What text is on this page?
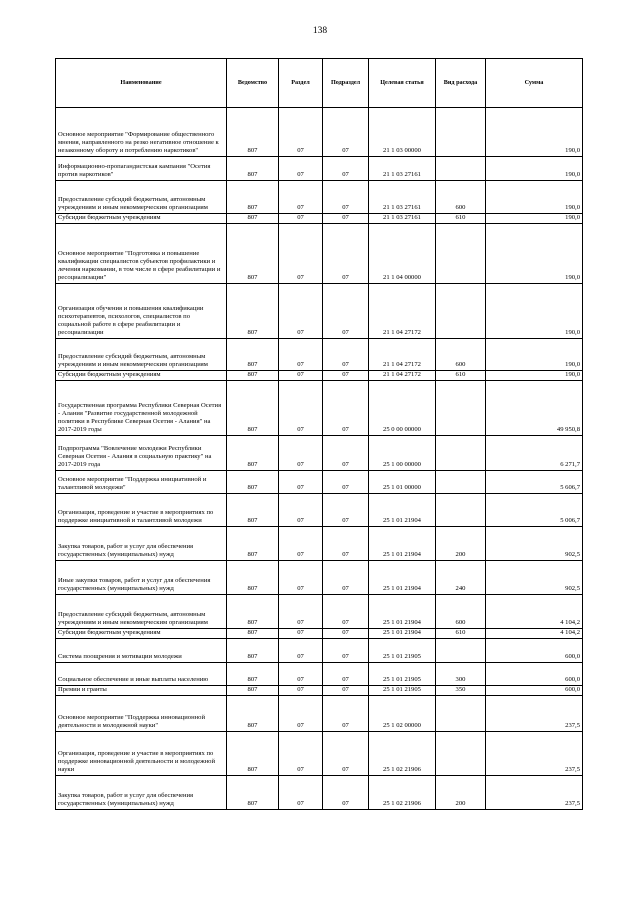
138
Наименование	Ведомство	Раздел	Подраздел	Целевая статья	Вид расхода	Сумма
Основное мероприятие "Формирование общественного мнения, направленного на резко негативное отношение к незаконному обороту и потреблению наркотиков"	807	07	07	21 1 03 00000		190,0
Информационно-пропагандистская кампания "Осетия против наркотиков"	807	07	07	21 1 03 27161		190,0
Предоставление субсидий бюджетным, автономным учреждениям и иным некоммерческим организациям	807	07	07	21 1 03 27161	600	190,0
Субсидии бюджетным учреждениям	807	07	07	21 1 03 27161	610	190,0
Основное мероприятие "Подготовка и повышение квалификации специалистов субъектов профилактики и лечения наркомании, в том числе в сфере реабилитации и ресоциализации"	807	07	07	21 1 04 00000		190,0
Организация обучения и повышения квалификации психотерапевтов, психологов, специалистов по социальной работе в сфере реабилитации и ресоциализации	807	07	07	21 1 04 27172		190,0
Предоставление субсидий бюджетным, автономным учреждениям и иным некоммерческим организациям	807	07	07	21 1 04 27172	600	190,0
Субсидии бюджетным учреждениям	807	07	07	21 1 04 27172	610	190,0
Государственная программа Республики Северная Осетия - Алания "Развитие государственной молодежной политики в Республике Северная Осетия - Алания" на 2017-2019 годы	807	07	07	25 0 00 00000		49 950,8
Подпрограмма "Вовлечение молодежи Республики Северная Осетия - Алания в социальную практику" на 2017-2019 года	807	07	07	25 1 00 00000		6 271,7
Основное мероприятие "Поддержка инициативной и талантливой молодежи"	807	07	07	25 1 01 00000		5 606,7
Организация, проведение и участие в мероприятиях по поддержке инициативной и талантливой молодежи	807	07	07	25 1 01 21904		5 006,7
Закупка товаров, работ и услуг для обеспечения государственных (муниципальных) нужд	807	07	07	25 1 01 21904	200	902,5
Иные закупки товаров, работ и услуг для обеспечения государственных (муниципальных) нужд	807	07	07	25 1 01 21904	240	902,5
Предоставление субсидий бюджетным, автономным учреждениям и иным некоммерческим организациям	807	07	07	25 1 01 21904	600	4 104,2
Субсидии бюджетным учреждениям	807	07	07	25 1 01 21904	610	4 104,2
Система поощрения и мотивации молодежи	807	07	07	25 1 01 21905		600,0
Социальное обеспечение и иные выплаты населению	807	07	07	25 1 01 21905	300	600,0
Премии и гранты	807	07	07	25 1 01 21905	350	600,0
Основное мероприятие "Поддержка инновационной деятельности и молодежной науки"	807	07	07	25 1 02 00000		237,5
Организация, проведение и участие в мероприятиях по поддержке инновационной деятельности и молодежной науки	807	07	07	25 1 02 21906		237,5
Закупка товаров, работ и услуг для обеспечения государственных (муниципальных) нужд	807	07	07	25 1 02 21906	200	237,5
